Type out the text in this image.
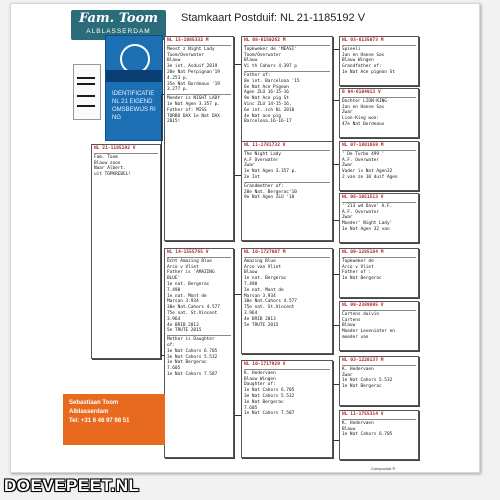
Fam. Toom
ALBLASSERDAM
Stamkaart Postduif: NL 21-1185192 V
IDENTIFICATIE NL 21 EIGENDOMSBEWIJS RING
NL 21-1185192 V
Fam. Toom
Blauw zoon
Naar Albert.
uit TOPKREBEL!
NL 15-1085332 M
Meest z Night Lady
Toom/Overwater
Blauw
3e int. Asduif 2019
20e Nat Perpignan'19
4.253 p.
35e Nat Bordeaux '19
3.277 p.
Moeder is NIGHT LADY
1e Nat Agen 3.357 p.
Father of: MISS
TURBO DAX 1e Nat DAX
2015!
NL 14-1555765 V
Dcht Amazing Blue
Arco v Vliet
Father is 'AMAZING
BLUE'
1e nat. Bergerac
7.490
1e nat. Mont de
Marsan 3.934
30e Nat.Cahors 4.577
75e nat. St.Vincent
3.964
4e BRIB 2013
5e TRUTE 2015
Mother is Daughter
of:
1e Nat Cahors 6.705
3e Nat Cahors 5.532
1e Nat Bergerac
7.605
1e Nat Cahors 7.587
NL 08-8150262 M
Topkweker de 'MEASI'
Toom/Overwater
Blauw
Vi th Cahors 4.397 p
Father of:
8e int. Barcelona '15
6e Nat Ace Pigeon
Agen ZLU 16-15-16
9e Nat Ace pig St
Vinc ZLU 14-15-16,
6e int. sch KL 2010
4e Nat ace pig
Barcelona.16-16-17
NL 11-1781732 V
The Night Lady
A.F Overwater
Zwar
1e Nat Agen 3.357 p.
2e Int
Grandmother of:
20e Nat. Bergerac'10
9e Nat Agen ZLU '10
NL 10-1727007 M
Amazing Blue
Arco van Vliet
Blauw
1e nat. Bergerac
7.490
1e nat. Mont de
Marsan 3.934
30e Nat.Cahors 4.577
75e nat. St.Vincent
3.964
4e BRIB 2013
5e TRUTE 2015
NL 10-1717929 V
K. Hedervaen
Blauw Wingen
Daughter of:
1e Nat Cahors 6.705
3e Nat Cahors 5.532
1e Nat Bergerac
7.605
1e Nat Cahors 7.587
NL 03-6135073 M
Spieeli
Jan en Hanne Sas
Blauw Wingen
Grandfather of:
1e Nat Ace pigeon St
B 04-6104913 V
Dochter LION-KING
Jan en Hanne Sas
Zwar
Lion-King won:
47e Nat Bordeaux
NL 07-1801659 M
' De Turbo 499 '
A.F. Overwater
Zwar
Vader is Nat Agen32
2 van ze 10 duif Agen
NL 06-1051513 V
' 213 wd Dave' A.F.
A.F. Overwater
Zwar
Moeder' Night Lady'
1e Nat Agen 32 van
NL 09-1285184 M
Topkweker de
Arco v Vliet
Father of :
1e Nat Bergerac
NL 09-2389695 V
Cartens duivin
Cartens
Blauw
Moeder Leveniater en
moeder van
NL 03-1220137 M
K. Hedervaen
Zwar
1e Nat Cahors 5.532
1e Nat Bergerac
NL 11-1755314 V
K. Hedervaen
Blauw
1e Nat Cahors 6.705
Sebastiaan Toom
Alblasserdam
Tel: +31 6 46 97 98 51
Compuclub ®
DOEVEPEET.NL
